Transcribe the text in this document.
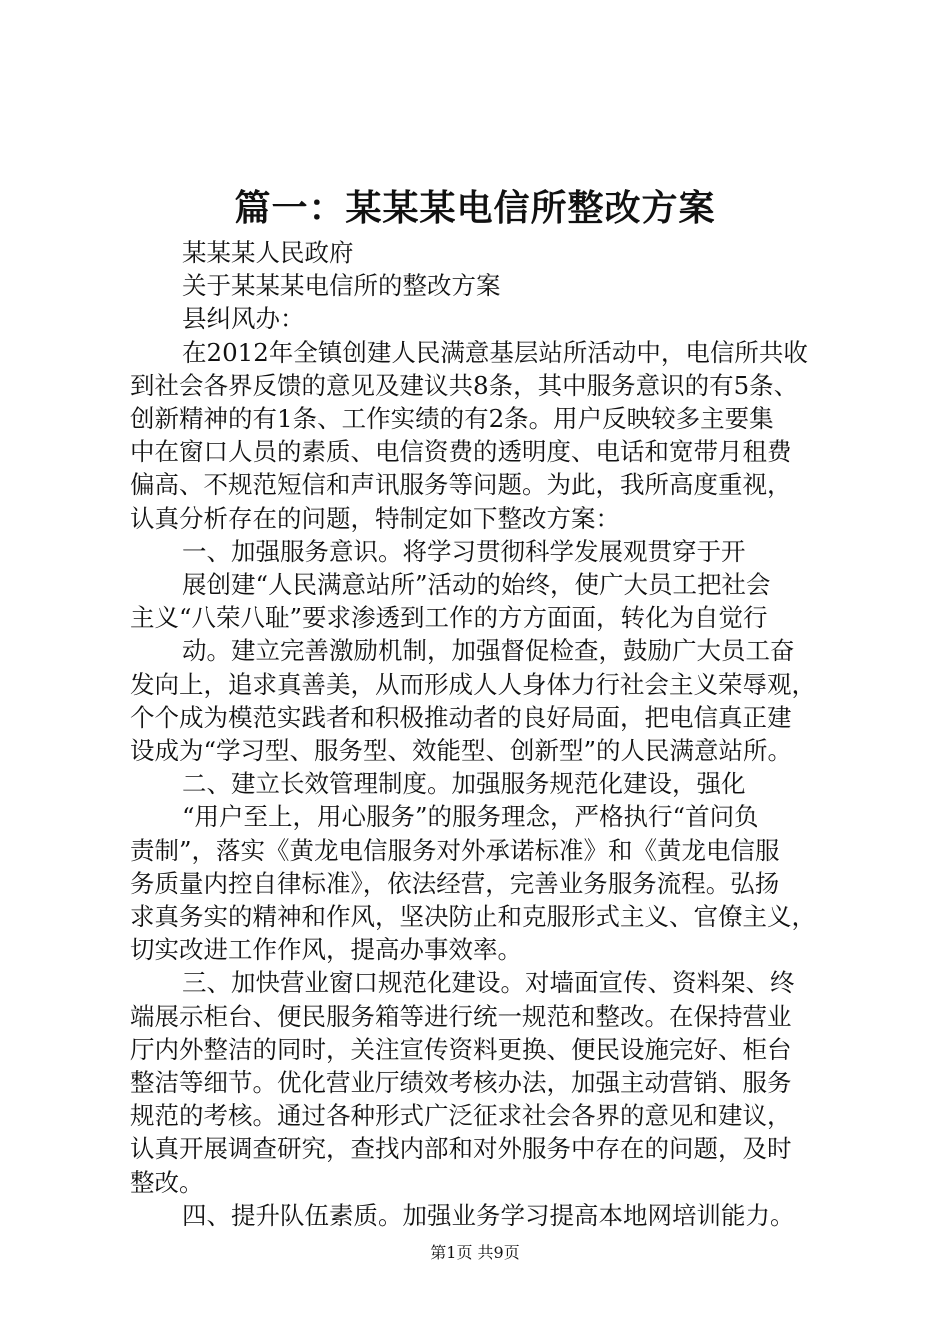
篇一：某某某电信所整改方案
某某某人民政府
关于某某某电信所的整改方案
县纠风办：
在2012年全镇创建人民满意基层站所活动中，电信所共收
到社会各界反馈的意见及建议共8条，其中服务意识的有5条、
创新精神的有1条、工作实绩的有2条。用户反映较多主要集
中在窗口人员的素质、电信资费的透明度、电话和宽带月租费
偏高、不规范短信和声讯服务等问题。为此，我所高度重视，
认真分析存在的问题，特制定如下整改方案：
一、加强服务意识。将学习贯彻科学发展观贯穿于开
展创建“人民满意站所”活动的始终，使广大员工把社会
主义“八荣八耻”要求渗透到工作的方方面面，转化为自觉行
动。建立完善激励机制，加强督促检查，鼓励广大员工奋
发向上，追求真善美，从而形成人人身体力行社会主义荣辱观，
个个成为模范实践者和积极推动者的良好局面，把电信真正建
设成为“学习型、服务型、效能型、创新型”的人民满意站所。
二、建立长效管理制度。加强服务规范化建设，强化
“用户至上，用心服务”的服务理念，严格执行“首问负
责制”，落实《黄龙电信服务对外承诺标准》和《黄龙电信服
务质量内控自律标准》，依法经营，完善业务服务流程。弘扬
求真务实的精神和作风，坚决防止和克服形式主义、官僚主义，
切实改进工作作风，提高办事效率。
三、加快营业窗口规范化建设。对墙面宣传、资料架、终
端展示柜台、便民服务箱等进行统一规范和整改。在保持营业
厅内外整洁的同时，关注宣传资料更换、便民设施完好、柜台
整洁等细节。优化营业厅绩效考核办法，加强主动营销、服务
规范的考核。通过各种形式广泛征求社会各界的意见和建议，
认真开展调查研究，查找内部和对外服务中存在的问题，及时
整改。
四、提升队伍素质。加强业务学习提高本地网培训能力。
第1页 共9页
